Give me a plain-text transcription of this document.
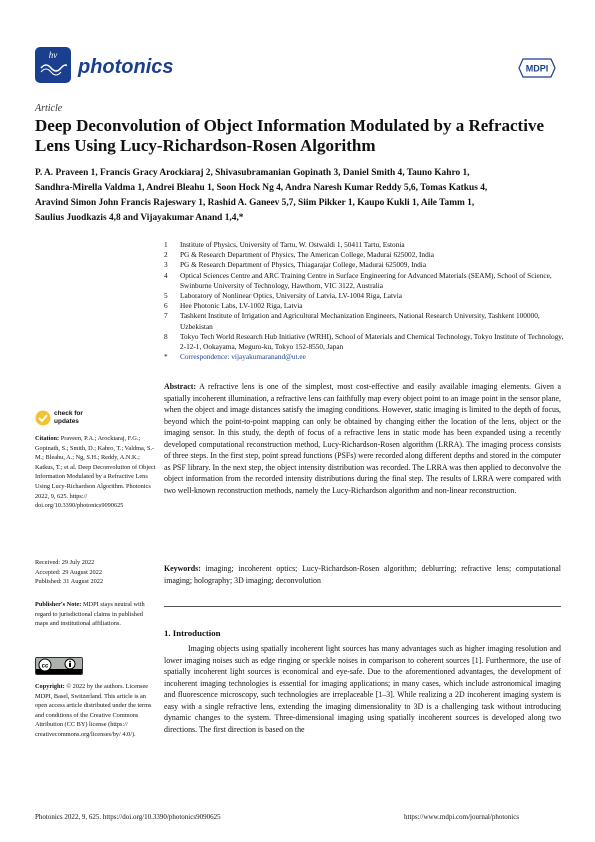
hv
photonics	MDPI
Article
Deep Deconvolution of Object Information Modulated by a Refractive Lens Using Lucy-Richardson-Rosen Algorithm
P. A. Praveen 1, Francis Gracy Arockiaraj 2, Shivasubramanian Gopinath 3, Daniel Smith 4, Tauno Kahro 1,
Sandhra-Mirella Valdma 1, Andrei Bleahu 1, Soon Hock Ng 4, Andra Naresh Kumar Reddy 5,6, Tomas Katkus 4,
Aravind Simon John Francis Rajeswary 1, Rashid A. Ganeev 5,7, Siim Pikker 1, Kaupo Kukli 1, Aile Tamm 1,
Saulius Juodkazis 4,8 and Vijayakumar Anand 1,4,*
1	Institute of Physics, University of Tartu, W. Ostwaldi 1, 50411 Tartu, Estonia
2	PG & Research Department of Physics, The American College, Madurai 625002, India
3	PG & Research Department of Physics, Thiagarajar College, Madurai 625009, India
4	Optical Sciences Centre and ARC Training Centre in Surface Engineering for Advanced Materials (SEAM), School of Science, Swinburne University of Technology, Hawthorn, VIC 3122, Australia
5	Laboratory of Nonlinear Optics, University of Latvia, LV-1004 Riga, Latvia
6	Hee Photonic Labs, LV-1002 Riga, Latvia
7	Tashkent Institute of Irrigation and Agricultural Mechanization Engineers, National Research University, Tashkent 100000, Uzbekistan
8	Tokyo Tech World Research Hub Initiative (WRHI), School of Materials and Chemical Technology, Tokyo Institute of Technology, 2-12-1, Ookayama, Meguro-ku, Tokyo 152-8550, Japan
*	Correspondence: vijayakumaranand@ut.ee
Abstract: A refractive lens is one of the simplest, most cost-effective and easily available imaging elements. Given a spatially incoherent illumination, a refractive lens can faithfully map every object point to an image point in the sensor plane, when the object and image distances satisfy the imaging conditions. However, static imaging is limited to the depth of focus, beyond which the point-to-point mapping can only be obtained by changing either the location of the lens, object or the imaging sensor. In this study, the depth of focus of a refractive lens in static mode has been expanded using a recently developed computational reconstruction method, Lucy-Richardson-Rosen algorithm (LRRA). The imaging process consists of three steps. In the first step, point spread functions (PSFs) were recorded along different depths and stored in the computer as PSF library. In the next step, the object intensity distribution was recorded. The LRRA was then applied to deconvolve the object information from the recorded intensity distributions during the final step. The results of LRRA were compared with two well-known reconstruction methods, namely the Lucy-Richardson algorithm and non-linear reconstruction.
Keywords: imaging; incoherent optics; Lucy-Richardson-Rosen algorithm; deblurring; refractive lens; computational imaging; holography; 3D imaging; deconvolution
1. Introduction
Imaging objects using spatially incoherent light sources has many advantages such as higher imaging resolution and lower imaging noises such as edge ringing or speckle noises in comparison to coherent sources [1]. Furthermore, the use of spatially incoherent light sources is economical and eye-safe. Due to the aforementioned advantages, the development of incoherent imaging technologies is essential for imaging applications; in many cases, which include astronomical imaging and fluorescence microscopy, such technologies are irreplaceable [1–3]. While realizing a 2D incoherent imaging system is easy with a single refractive lens, extending the imaging dimensionality to 3D is a challenging task without introducing dynamic changes to the system. Three-dimensional imaging using spatially incoherent sources is developed along two directions. The first direction is based on the
check for updates
Citation: Praveen, P.A.; Arockiaraj, F.G.; Gopinath, S.; Smith, D.; Kahro, T.; Valdma, S.-M.; Bleahu, A.; Ng, S.H.; Reddy, A.N.K.; Katkus, T.; et al. Deep Deconvolution of Object Information Modulated by a Refractive Lens Using Lucy-Richardson Algorithm. Photonics 2022, 9, 625. https:// doi.org/10.3390/photonics9090625
Received: 29 July 2022
Accepted: 29 August 2022
Published: 31 August 2022
Publisher's Note: MDPI stays neutral with regard to jurisdictional claims in published maps and institutional affiliations.
cc
Copyright: © 2022 by the authors. Licensee MDPI, Basel, Switzerland. This article is an open access article distributed under the terms and conditions of the Creative Commons Attribution (CC BY) license (https:// creativecommons.org/licenses/by/ 4.0/).
Photonics 2022, 9, 625. https://doi.org/10.3390/photonics9090625	https://www.mdpi.com/journal/photonics
